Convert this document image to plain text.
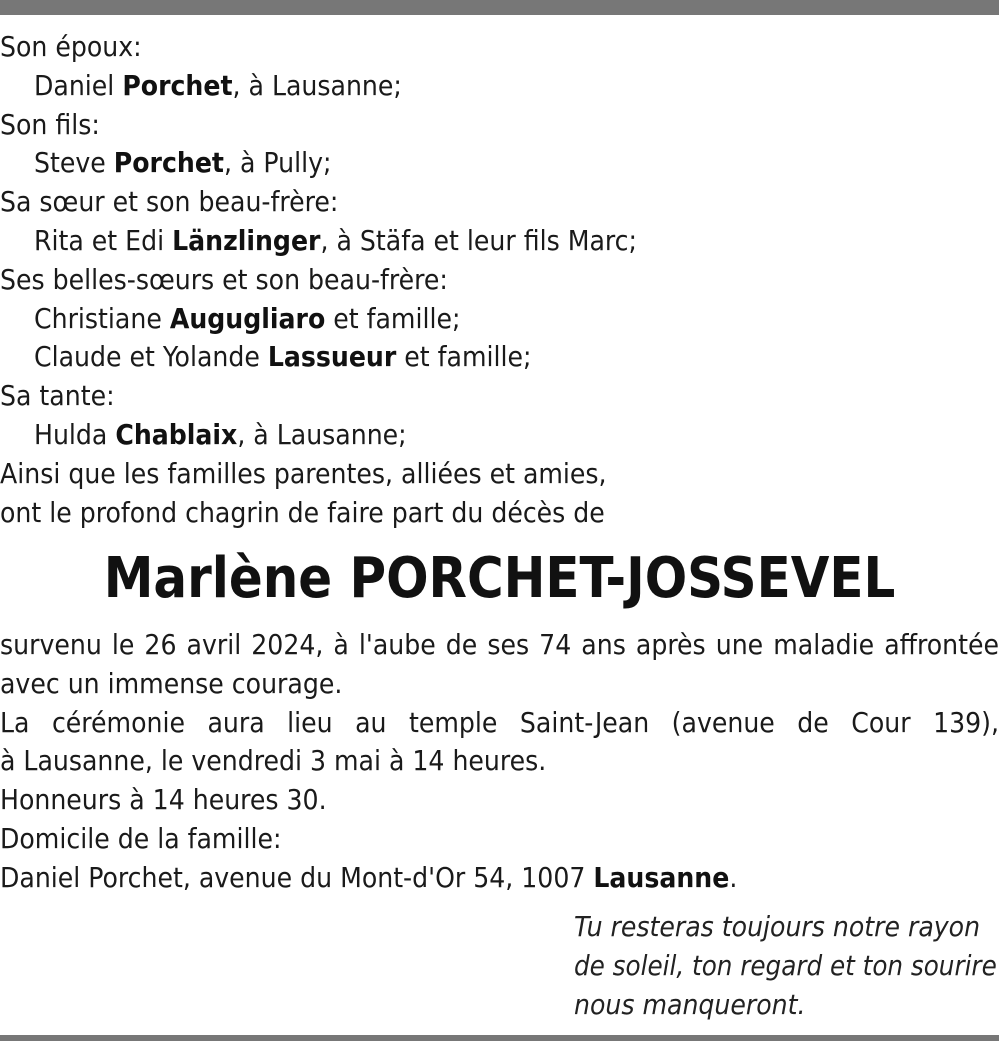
Son époux:
Daniel Porchet, à Lausanne;
Son fils:
Steve Porchet, à Pully;
Sa sœur et son beau-frère:
Rita et Edi Länzlinger, à Stäfa et leur fils Marc;
Ses belles-sœurs et son beau-frère:
Christiane Augugliaro et famille;
Claude et Yolande Lassueur et famille;
Sa tante:
Hulda Chablaix, à Lausanne;
Ainsi que les familles parentes, alliées et amies,
ont le profond chagrin de faire part du décès de
Marlène PORCHET-JOSSEVEL
survenu le 26 avril 2024, à l'aube de ses 74 ans après une maladie affrontée
avec un immense courage.
La cérémonie aura lieu au temple Saint-Jean (avenue de Cour 139),
à Lausanne, le vendredi 3 mai à 14 heures.
Honneurs à 14 heures 30.
Domicile de la famille:
Daniel Porchet, avenue du Mont-d'Or 54, 1007 Lausanne.
Tu resteras toujours notre rayon
de soleil, ton regard et ton sourire
nous manqueront.
